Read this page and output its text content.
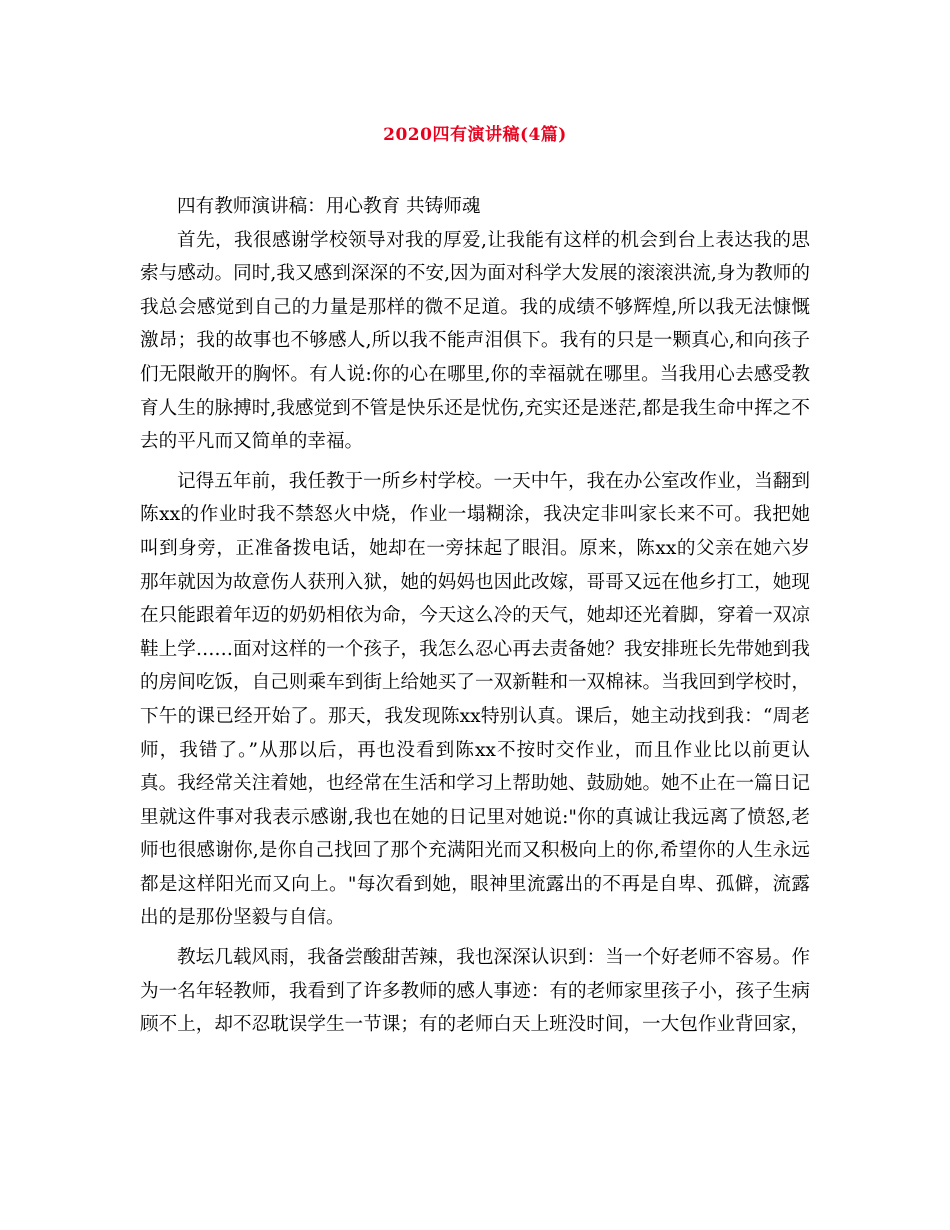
2020四有演讲稿(4篇)

四有教师演讲稿：用心教育 共铸师魂

首先，我很感谢学校领导对我的厚爱,让我能有这样的机会到台上表达我的思索与感动。同时,我又感到深深的不安,因为面对科学大发展的滚滚洪流,身为教师的我总会感觉到自己的力量是那样的微不足道。我的成绩不够辉煌,所以我无法慷慨激昂；我的故事也不够感人,所以我不能声泪俱下。我有的只是一颗真心,和向孩子们无限敞开的胸怀。有人说:你的心在哪里,你的幸福就在哪里。当我用心去感受教育人生的脉搏时,我感觉到不管是快乐还是忧伤,充实还是迷茫,都是我生命中挥之不去的平凡而又简单的幸福。

记得五年前，我任教于一所乡村学校。一天中午，我在办公室改作业，当翻到陈xx的作业时我不禁怒火中烧，作业一塌糊涂，我决定非叫家长来不可。我把她叫到身旁，正准备拨电话，她却在一旁抹起了眼泪。原来，陈xx的父亲在她六岁那年就因为故意伤人获刑入狱，她的妈妈也因此改嫁，哥哥又远在他乡打工，她现在只能跟着年迈的奶奶相依为命，今天这么冷的天气，她却还光着脚，穿着一双凉鞋上学……面对这样的一个孩子，我怎么忍心再去责备她？我安排班长先带她到我的房间吃饭，自己则乘车到街上给她买了一双新鞋和一双棉袜。当我回到学校时，下午的课已经开始了。那天，我发现陈xx特别认真。课后，她主动找到我：“周老师，我错了。”从那以后，再也没看到陈xx不按时交作业，而且作业比以前更认真。我经常关注着她，也经常在生活和学习上帮助她、鼓励她。她不止在一篇日记里就这件事对我表示感谢,我也在她的日记里对她说:"你的真诚让我远离了愤怒,老师也很感谢你,是你自己找回了那个充满阳光而又积极向上的你,希望你的人生永远都是这样阳光而又向上。"每次看到她，眼神里流露出的不再是自卑、孤僻，流露出的是那份坚毅与自信。

教坛几载风雨，我备尝酸甜苦辣，我也深深认识到：当一个好老师不容易。作为一名年轻教师，我看到了许多教师的感人事迹：有的老师家里孩子小，孩子生病顾不上，却不忍耽误学生一节课；有的老师白天上班没时间，一大包作业背回家，
